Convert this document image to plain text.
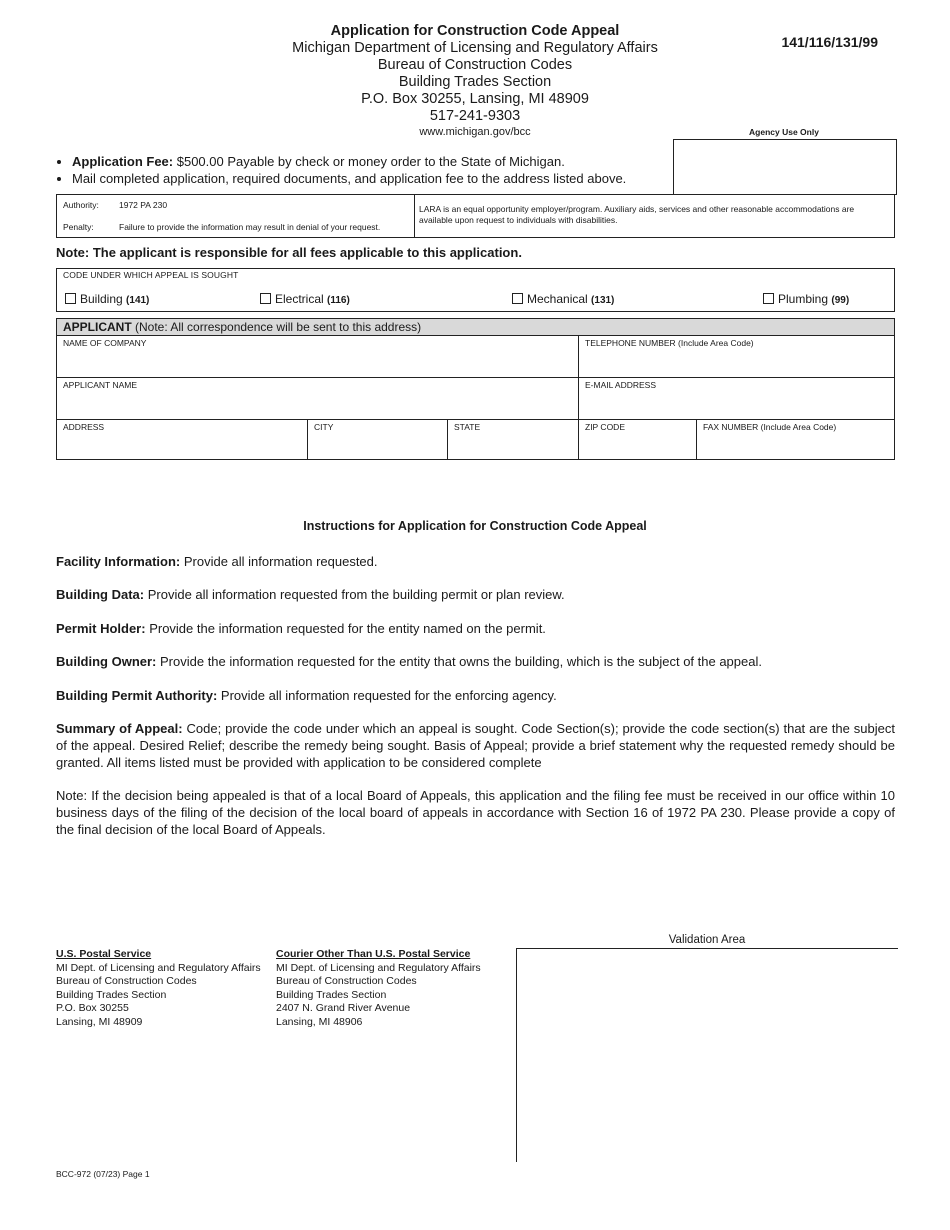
Application for Construction Code Appeal
Michigan Department of Licensing and Regulatory Affairs
Bureau of Construction Codes
Building Trades Section
P.O. Box 30255, Lansing, MI 48909
517-241-9303
www.michigan.gov/bcc
141/116/131/99
Agency Use Only
• Application Fee: $500.00 Payable by check or money order to the State of Michigan.
• Mail completed application, required documents, and application fee to the address listed above.
Authority: 1972 PA 230
Penalty:	Failure to provide the information may result in denial of your request.
LARA is an equal opportunity employer/program. Auxiliary aids, services and other reasonable accommodations are available upon request to individuals with disabilities.
Note: The applicant is responsible for all fees applicable to this application.
CODE UNDER WHICH APPEAL IS SOUGHT
Building (141)	Electrical (116)	Mechanical (131)	Plumbing (99)
APPLICANT (Note: All correspondence will be sent to this address)
NAME OF COMPANY	TELEPHONE NUMBER (Include Area Code)
APPLICANT NAME	E-MAIL ADDRESS
ADDRESS	CITY	STATE	ZIP CODE	FAX NUMBER (Include Area Code)
Instructions for Application for Construction Code Appeal
Facility Information: Provide all information requested.
Building Data: Provide all information requested from the building permit or plan review.
Permit Holder: Provide the information requested for the entity named on the permit.
Building Owner: Provide the information requested for the entity that owns the building, which is the subject of the appeal.
Building Permit Authority: Provide all information requested for the enforcing agency.
Summary of Appeal: Code; provide the code under which an appeal is sought. Code Section(s); provide the code section(s) that are the subject of the appeal. Desired Relief; describe the remedy being sought. Basis of Appeal; provide a brief statement why the requested remedy should be granted. All items listed must be provided with application to be considered complete
Note: If the decision being appealed is that of a local Board of Appeals, this application and the filing fee must be received in our office within 10 business days of the filing of the decision of the local board of appeals in accordance with Section 16 of 1972 PA 230. Please provide a copy of the final decision of the local Board of Appeals.
U.S. Postal Service
MI Dept. of Licensing and Regulatory Affairs
Bureau of Construction Codes
Building Trades Section
P.O. Box 30255
Lansing, MI 48909
Courier Other Than U.S. Postal Service
MI Dept. of Licensing and Regulatory Affairs
Bureau of Construction Codes
Building Trades Section
2407 N. Grand River Avenue
Lansing, MI 48906
Validation Area
BCC-972 (07/23) Page 1
